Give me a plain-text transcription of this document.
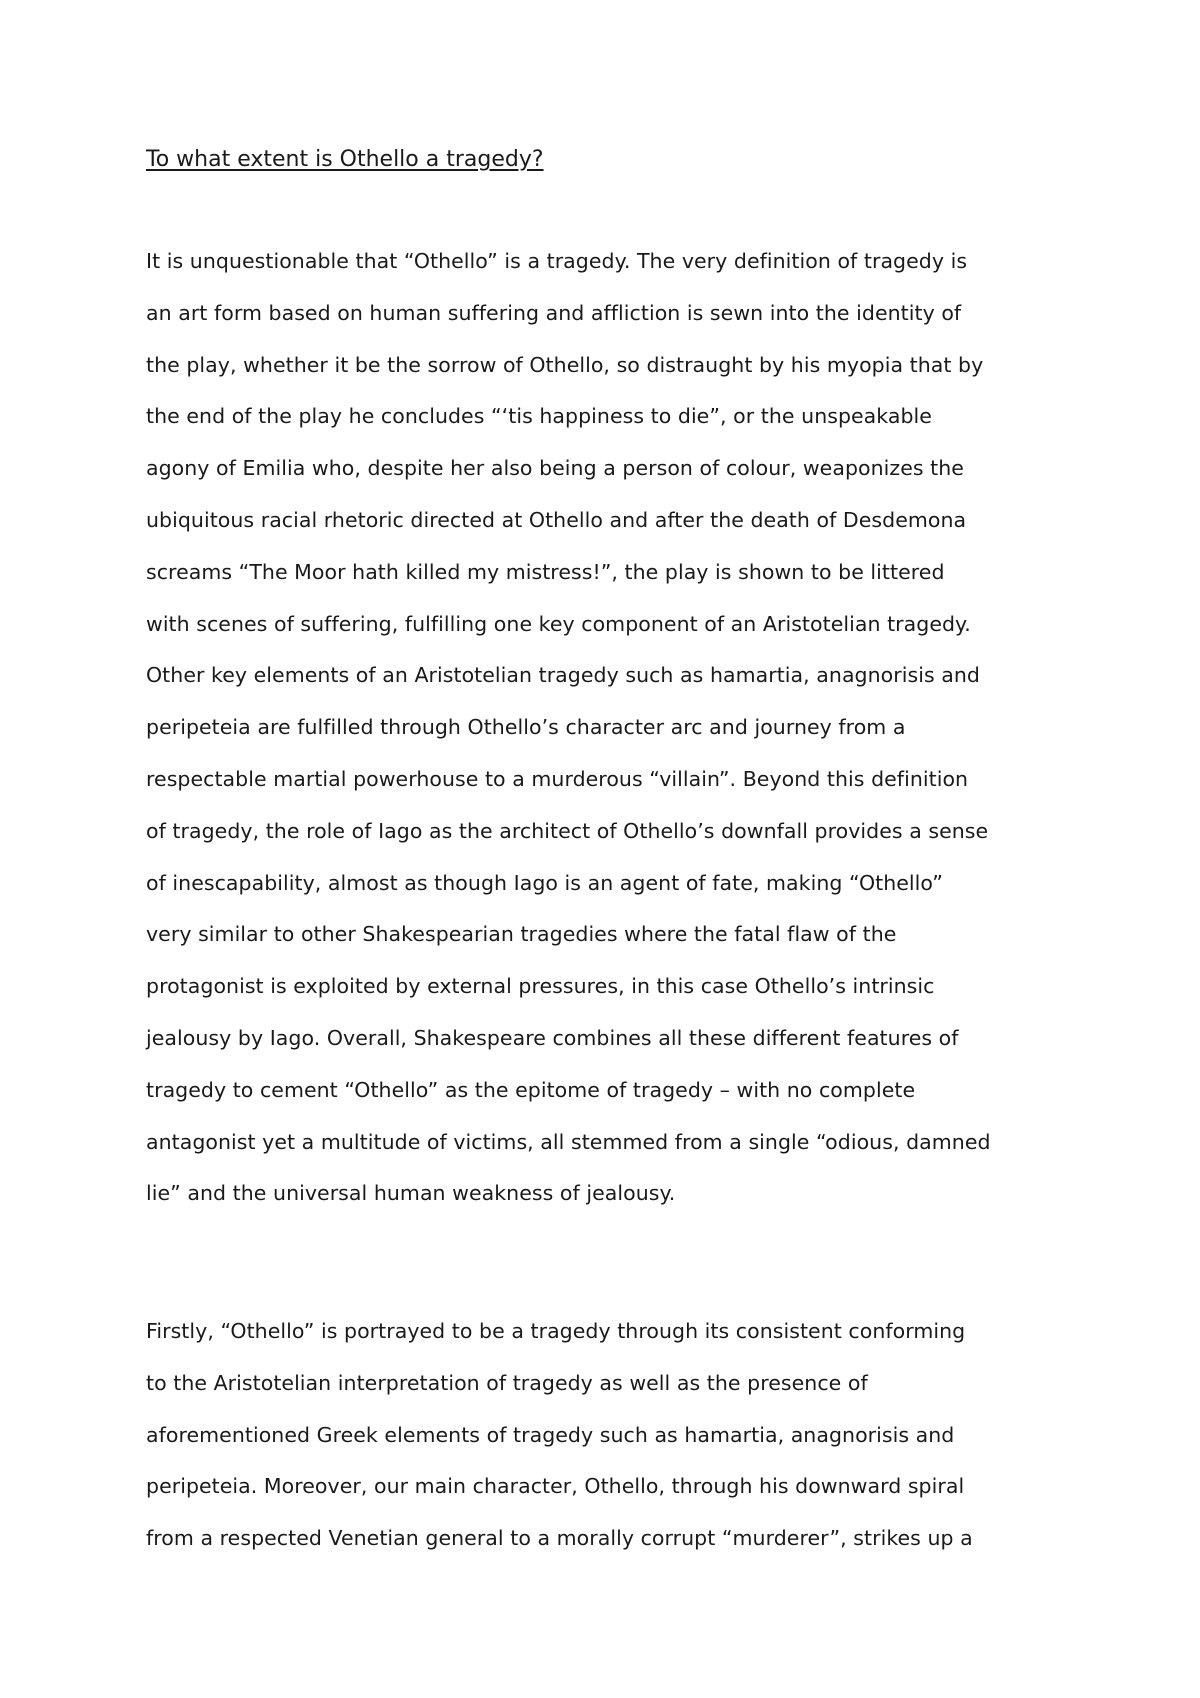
To what extent is Othello a tragedy?
It is unquestionable that “Othello” is a tragedy. The very definition of tragedy is
an art form based on human suffering and affliction is sewn into the identity of
the play, whether it be the sorrow of Othello, so distraught by his myopia that by
the end of the play he concludes “‘tis happiness to die”, or the unspeakable
agony of Emilia who, despite her also being a person of colour, weaponizes the
ubiquitous racial rhetoric directed at Othello and after the death of Desdemona
screams “The Moor hath killed my mistress!”, the play is shown to be littered
with scenes of suffering, fulfilling one key component of an Aristotelian tragedy.
Other key elements of an Aristotelian tragedy such as hamartia, anagnorisis and
peripeteia are fulfilled through Othello’s character arc and journey from a
respectable martial powerhouse to a murderous “villain”. Beyond this definition
of tragedy, the role of Iago as the architect of Othello’s downfall provides a sense
of inescapability, almost as though Iago is an agent of fate, making “Othello”
very similar to other Shakespearian tragedies where the fatal flaw of the
protagonist is exploited by external pressures, in this case Othello’s intrinsic
jealousy by Iago. Overall, Shakespeare combines all these different features of
tragedy to cement “Othello” as the epitome of tragedy – with no complete
antagonist yet a multitude of victims, all stemmed from a single “odious, damned
lie” and the universal human weakness of jealousy.
Firstly, “Othello” is portrayed to be a tragedy through its consistent conforming
to the Aristotelian interpretation of tragedy as well as the presence of
aforementioned Greek elements of tragedy such as hamartia, anagnorisis and
peripeteia. Moreover, our main character, Othello, through his downward spiral
from a respected Venetian general to a morally corrupt “murderer”, strikes up a
